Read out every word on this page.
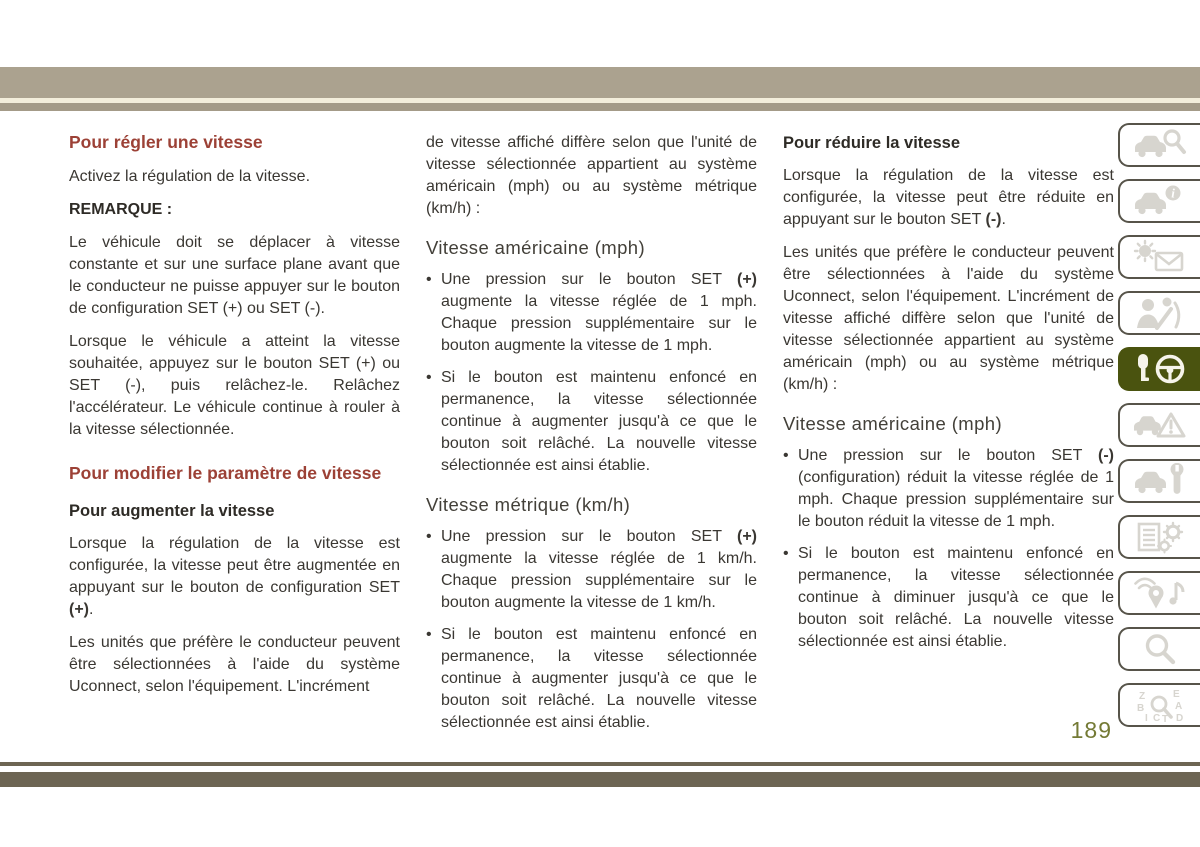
Pour régler une vitesse

Activez la régulation de la vitesse.

REMARQUE :

Le véhicule doit se déplacer à vitesse constante et sur une surface plane avant que le conducteur ne puisse appuyer sur le bouton de configuration SET (+) ou SET (-).

Lorsque le véhicule a atteint la vitesse souhaitée, appuyez sur le bouton SET (+) ou SET (-), puis relâchez-le. Relâchez l'accélérateur. Le véhicule continue à rouler à la vitesse sélectionnée.

Pour modifier le paramètre de vitesse
Pour augmenter la vitesse

Lorsque la régulation de la vitesse est configurée, la vitesse peut être augmentée en appuyant sur le bouton de configuration SET (+).

Les unités que préfère le conducteur peuvent être sélectionnées à l'aide du système Uconnect, selon l'équipement. L'incrément

de vitesse affiché diffère selon que l'unité de vitesse sélectionnée appartient au système américain (mph) ou au système métrique (km/h) :

Vitesse américaine (mph)
• Une pression sur le bouton SET (+) augmente la vitesse réglée de 1 mph. Chaque pression supplémentaire sur le bouton augmente la vitesse de 1 mph.
• Si le bouton est maintenu enfoncé en permanence, la vitesse sélectionnée continue à augmenter jusqu'à ce que le bouton soit relâché. La nouvelle vitesse sélectionnée est ainsi établie.
Vitesse métrique (km/h)
• Une pression sur le bouton SET (+) augmente la vitesse réglée de 1 km/h. Chaque pression supplémentaire sur le bouton augmente la vitesse de 1 km/h.
• Si le bouton est maintenu enfoncé en permanence, la vitesse sélectionnée continue à augmenter jusqu'à ce que le bouton soit relâché. La nouvelle vitesse sélectionnée est ainsi établie.
Pour réduire la vitesse

Lorsque la régulation de la vitesse est configurée, la vitesse peut être réduite en appuyant sur le bouton SET (-).

Les unités que préfère le conducteur peuvent être sélectionnées à l'aide du système Uconnect, selon l'équipement. L'incrément de vitesse affiché diffère selon que l'unité de vitesse sélectionnée appartient au système américain (mph) ou au système métrique (km/h) :

Vitesse américaine (mph)
• Une pression sur le bouton SET (-) (configuration) réduit la vitesse réglée de 1 mph. Chaque pression supplémentaire sur le bouton réduit la vitesse de 1 mph.
• Si le bouton est maintenu enfoncé en permanence, la vitesse sélectionnée continue à diminuer jusqu'à ce que le bouton soit relâché. La nouvelle vitesse sélectionnée est ainsi établie.
i
Z	E
B	A
I C T D
189
